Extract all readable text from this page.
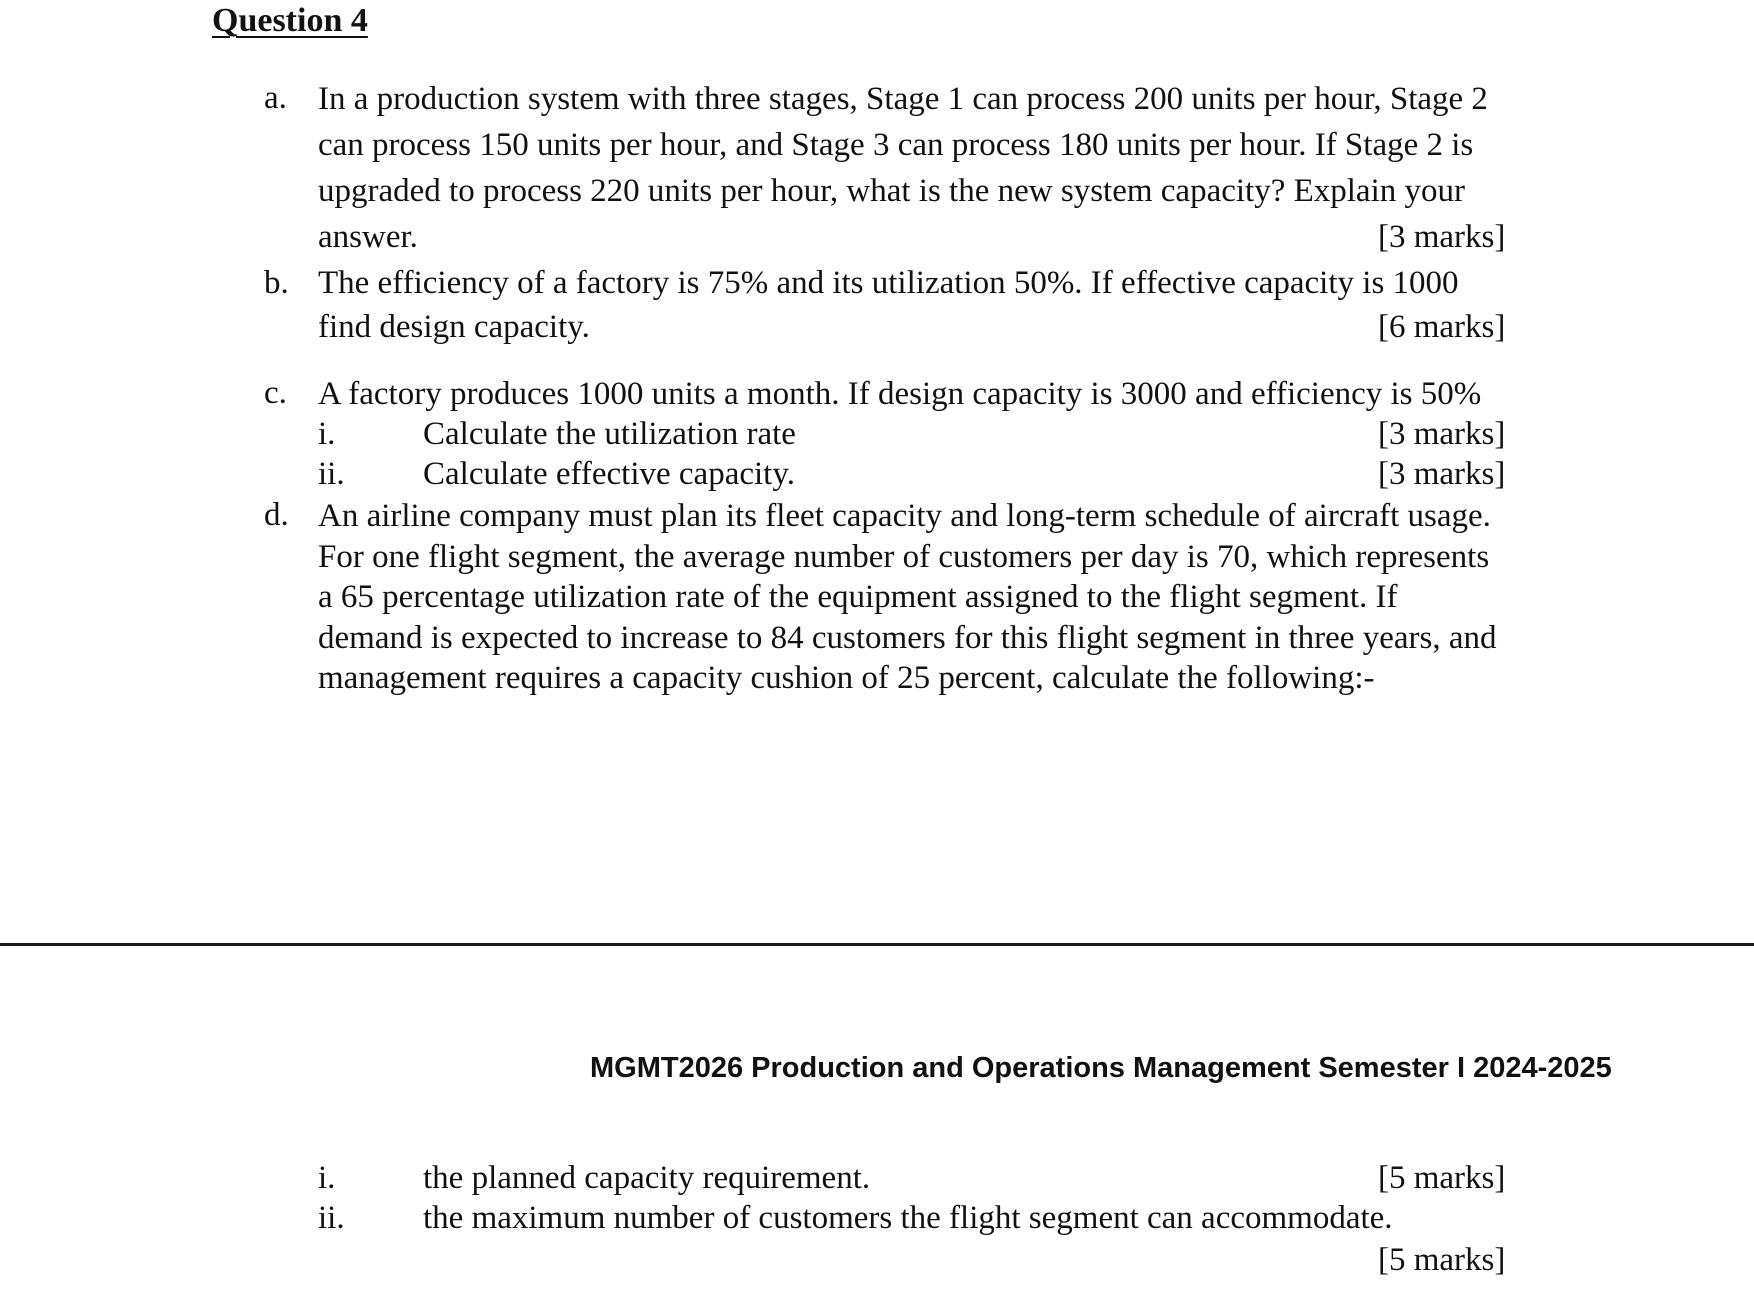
Question 4
a. In a production system with three stages, Stage 1 can process 200 units per hour, Stage 2
can process 150 units per hour, and Stage 3 can process 180 units per hour. If Stage 2 is
upgraded to process 220 units per hour, what is the new system capacity? Explain your
answer.	[3 marks]
b. The efficiency of a factory is 75% and its utilization 50%. If effective capacity is 1000
find design capacity.	[6 marks]
c. A factory produces 1000 units a month. If design capacity is 3000 and efficiency is 50%
i.	Calculate the utilization rate	[3 marks]
ii. Calculate effective capacity.	[3 marks]
d. An airline company must plan its fleet capacity and long-term schedule of aircraft usage.
For one flight segment, the average number of customers per day is 70, which represents
a 65 percentage utilization rate of the equipment assigned to the flight segment. If
demand is expected to increase to 84 customers for this flight segment in three years, and
management requires a capacity cushion of 25 percent, calculate the following:-
MGMT2026 Production and Operations Management Semester I 2024-2025
i.	the planned capacity requirement.	[5 marks]
ii. the maximum number of customers the flight segment can accommodate.
[5 marks]
